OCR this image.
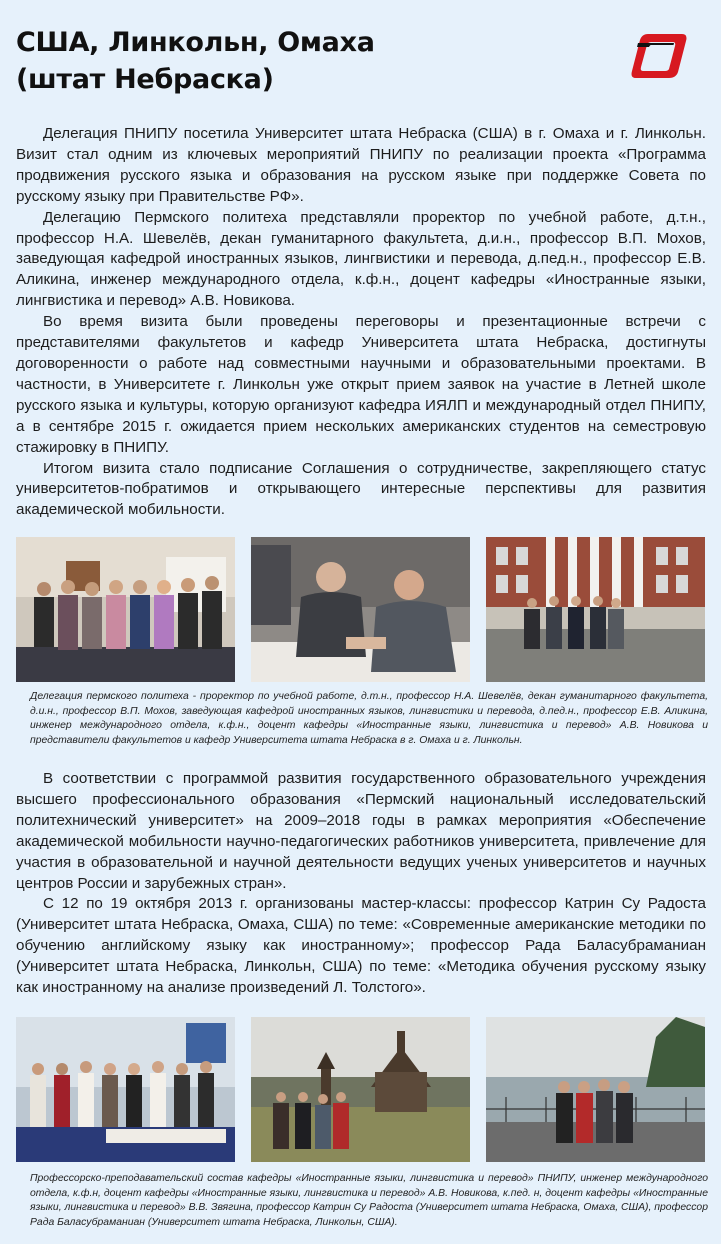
США, Линкольн, Омаха
(штат Небраска)

Делегация ПНИПУ посетила Университет штата Небраска (США) в г. Омаха и г. Линкольн. Визит стал одним из ключевых мероприятий ПНИПУ по реализации проекта «Программа продвижения русского языка и образования на русском языке при поддержке Совета по русскому языку при Правительстве РФ».

Делегацию Пермского политеха представляли проректор по учебной работе, д.т.н., профессор Н.А. Шевелёв, декан гуманитарного факультета, д.и.н., профессор В.П. Мохов, заведующая кафедрой иностранных языков, лингвистики и перевода, д.пед.н., профессор Е.В. Аликина, инженер международного отдела, к.ф.н., доцент кафедры «Иностранные языки, лингвистика и перевод» А.В. Новикова.

Во время визита были проведены переговоры и презентационные встречи с представителями факультетов и кафедр Университета штата Небраска, достигнуты договоренности о работе над совместными научными и образовательными проектами. В частности, в Университете г. Линкольн уже открыт прием заявок на участие в Летней школе русского языка и культуры, которую организуют кафедра ИЯЛП и международный отдел ПНИПУ, а в сентябре 2015 г. ожидается прием нескольких американских студентов на семестровую стажировку в ПНИПУ.

Итогом визита стало подписание Соглашения о сотрудничестве, закрепляющего статус университетов-побратимов и открывающего интересные перспективы для развития академической мобильности.

Делегация пермского политеха - проректор по учебной работе, д.т.н., профессор Н.А. Шевелёв, декан гуманитарного факультета, д.и.н., профессор В.П. Мохов, заведующая кафедрой иностранных языков, лингвистики и перевода, д.пед.н., профессор Е.В. Аликина, инженер международного отдела, к.ф.н., доцент кафедры «Иностранные языки, лингвистика и перевод» А.В. Новикова и представители факультетов и кафедр Университета штата Небраска в г. Омаха и г. Линкольн.

В соответствии с программой развития государственного образовательного учреждения высшего профессионального образования «Пермский национальный исследовательский политехнический университет» на 2009–2018 годы в рамках мероприятия «Обеспечение академической мобильности научно-педагогических работников университета, привлечение для участия в образовательной и научной деятельности ведущих ученых университетов и научных центров России и зарубежных стран».

С 12 по 19 октября 2013 г. организованы мастер-классы: профессор Катрин Су Радоста (Университет штата Небраска, Омаха, США) по теме: «Современные американские методики по обучению английскому языку как иностранному»; профессор Рада Баласубраманиан (Университет штата Небраска, Линкольн, США) по теме: «Методика обучения русскому языку как иностранному на анализе произведений Л. Толстого».

Профессорско-преподавательский состав кафедры «Иностранные языки, лингвистика и перевод» ПНИПУ, инженер международного отдела, к.ф.н, доцент кафедры «Иностранные языки, лингвистика и перевод» А.В. Новикова, к.пед. н, доцент кафедры «Иностранные языки, лингвистика и перевод» В.В. Звягина, профессор Катрин Су Радоста (Университет штата Небраска, Омаха, США), профессор Рада Баласубраманиан (Университет штата Небраска, Линкольн, США).
